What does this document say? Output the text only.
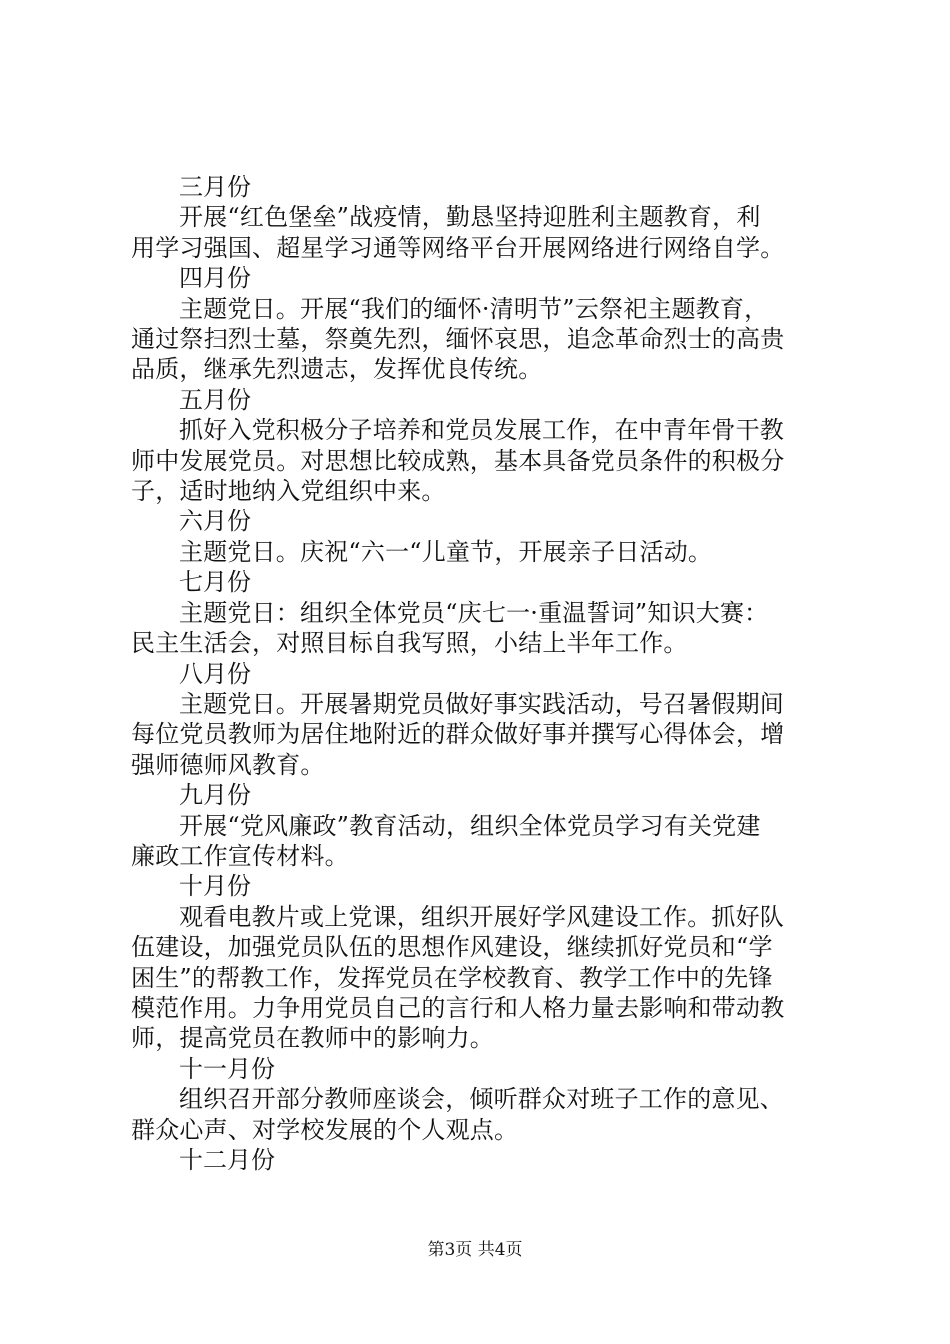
三月份

开展“红色堡垒”战疫情，勤恳坚持迎胜利主题教育，利
用学习强国、超星学习通等网络平台开展网络进行网络自学。

四月份

主题党日。开展“我们的缅怀·清明节”云祭祀主题教育，
通过祭扫烈士墓，祭奠先烈，缅怀哀思，追念革命烈士的高贵
品质，继承先烈遗志，发挥优良传统。

五月份

抓好入党积极分子培养和党员发展工作，在中青年骨干教
师中发展党员。对思想比较成熟，基本具备党员条件的积极分
子，适时地纳入党组织中来。

六月份

主题党日。庆祝“六一“儿童节，开展亲子日活动。

七月份

主题党日：组织全体党员“庆七一·重温誓词”知识大赛：
民主生活会，对照目标自我写照，小结上半年工作。

八月份

主题党日。开展暑期党员做好事实践活动，号召暑假期间
每位党员教师为居住地附近的群众做好事并撰写心得体会，增
强师德师风教育。

九月份

开展“党风廉政”教育活动，组织全体党员学习有关党建
廉政工作宣传材料。

十月份

观看电教片或上党课，组织开展好学风建设工作。抓好队
伍建设，加强党员队伍的思想作风建设，继续抓好党员和“学
困生”的帮教工作，发挥党员在学校教育、教学工作中的先锋
模范作用。力争用党员自己的言行和人格力量去影响和带动教
师，提高党员在教师中的影响力。

十一月份

组织召开部分教师座谈会，倾听群众对班子工作的意见、
群众心声、对学校发展的个人观点。

十二月份

第3页 共4页
